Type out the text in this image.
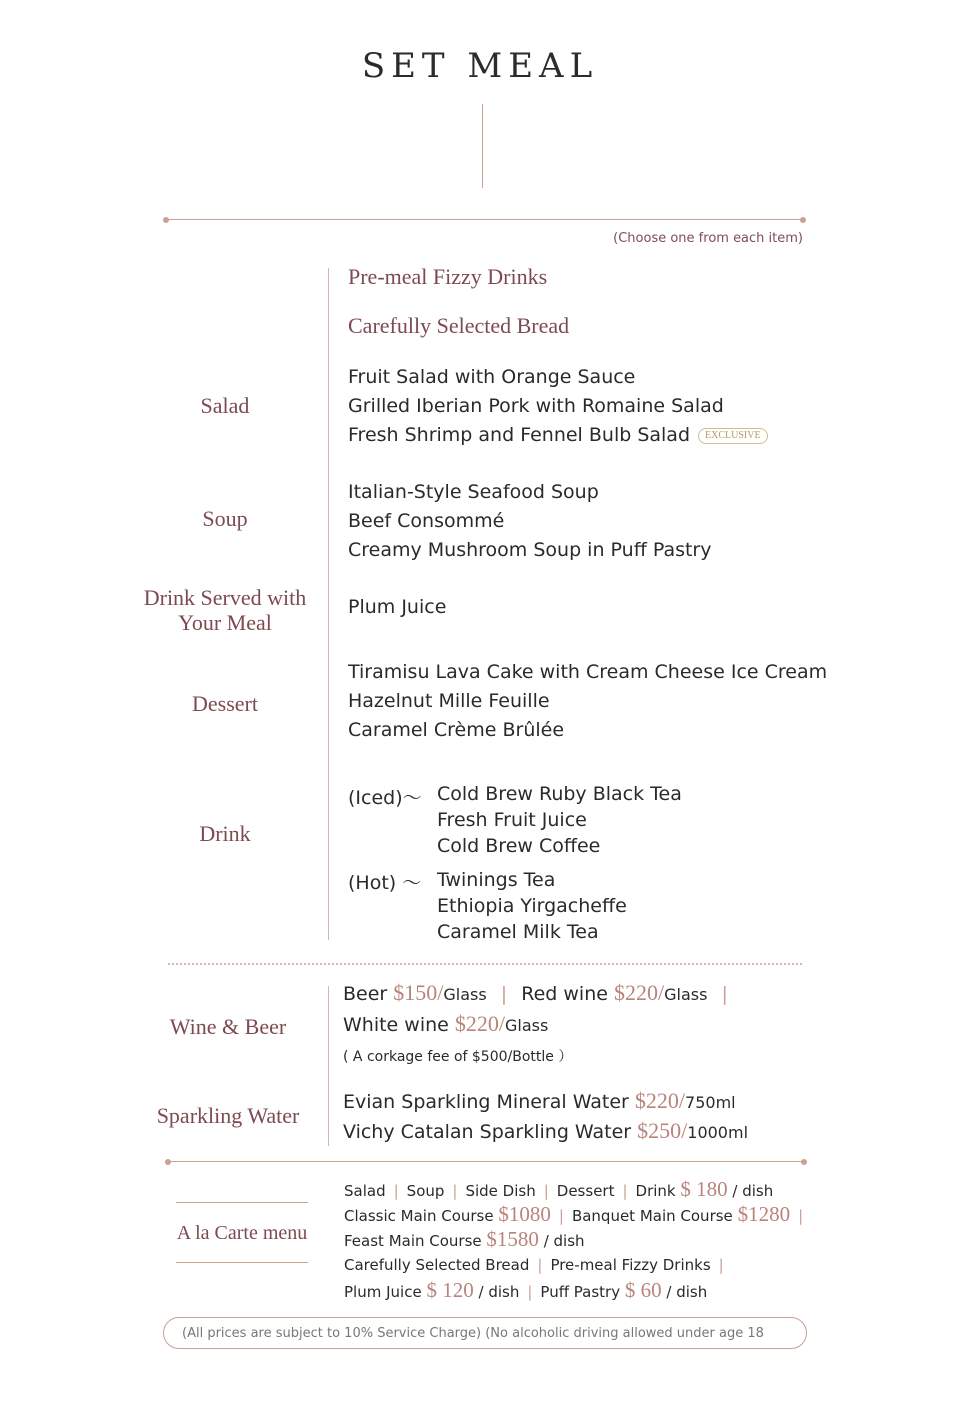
SET MEAL
(Choose one from each item)
Pre-meal Fizzy Drinks
Carefully Selected Bread
Salad
Fruit Salad with Orange Sauce
Grilled Iberian Pork with Romaine Salad
Fresh Shrimp and Fennel Bulb Salad EXCLUSIVE
Soup
Italian-Style Seafood Soup
Beef Consommé
Creamy Mushroom Soup in Puff Pastry
Drink Served with
Your Meal
Plum Juice
Dessert
Tiramisu Lava Cake with Cream Cheese Ice Cream
Hazelnut Mille Feuille
Caramel Crème Brûlée
Drink
(Iced)～ Cold Brew Ruby Black Tea
Fresh Fruit Juice
Cold Brew Coffee
(Hot) ～ Twinings Tea
Ethiopia Yirgacheffe
Caramel Milk Tea
Wine & Beer
Beer $150/Glass | Red wine $220/Glass |
White wine $220/Glass
( A corkage fee of $500/Bottle ）
Sparkling Water
Evian Sparkling Mineral Water $220/750ml
Vichy Catalan Sparkling Water $250/1000ml
A la Carte menu
Salad | Soup | Side Dish | Dessert | Drink $ 180 / dish
Classic Main Course $1080 | Banquet Main Course $1280 |
Feast Main Course $1580 / dish
Carefully Selected Bread | Pre-meal Fizzy Drinks |
Plum Juice $ 120 / dish | Puff Pastry $ 60 / dish
(All prices are subject to 10% Service Charge) (No alcoholic driving allowed under age 18
